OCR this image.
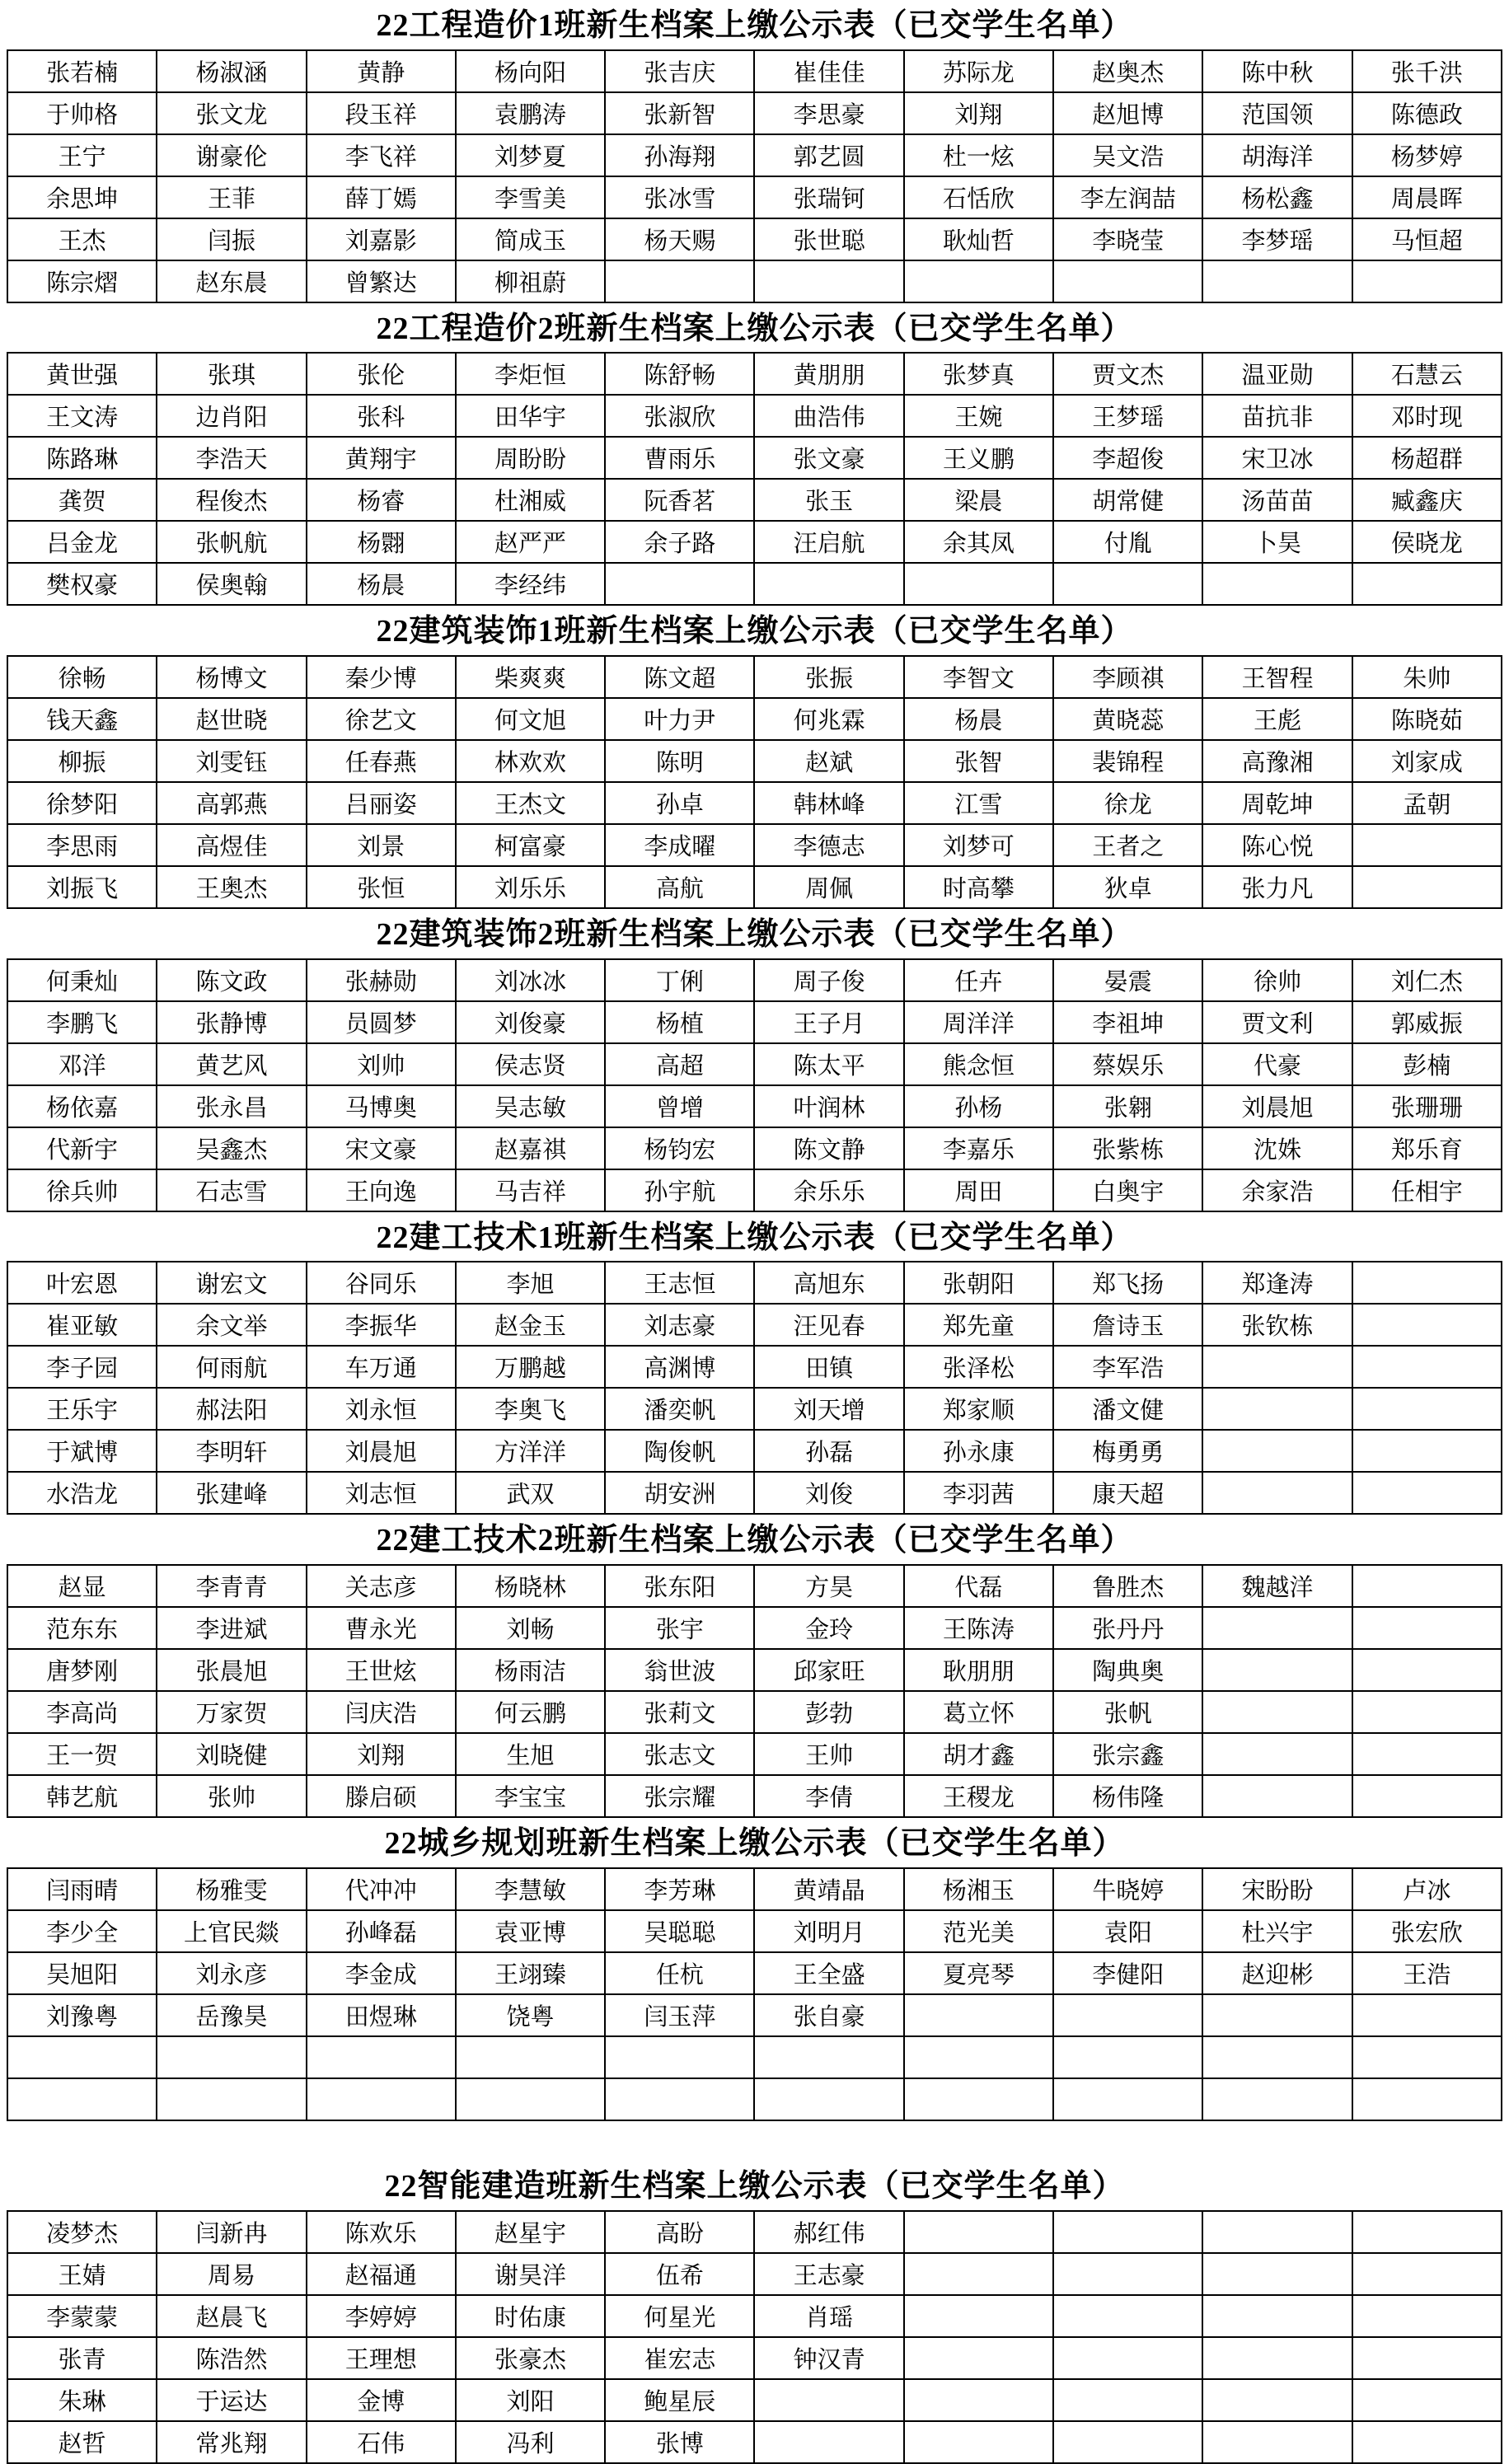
22工程造价1班新生档案上缴公示表（已交学生名单）
张若楠	杨淑涵	黄静	杨向阳	张吉庆	崔佳佳	苏际龙	赵奥杰	陈中秋	张千洪
于帅格	张文龙	段玉祥	袁鹏涛	张新智	李思豪	刘翔	赵旭博	范国领	陈德政
王宁	谢豪伦	李飞祥	刘梦夏	孙海翔	郭艺圆	杜一炫	吴文浩	胡海洋	杨梦婷
余思坤	王菲	薛丁嫣	李雪美	张冰雪	张瑞钶	石恬欣	李左润喆	杨松鑫	周晨晖
王杰	闫振	刘嘉影	简成玉	杨天赐	张世聪	耿灿哲	李晓莹	李梦瑶	马恒超
陈宗熠	赵东晨	曾繁达	柳祖蔚						
22工程造价2班新生档案上缴公示表（已交学生名单）
黄世强	张琪	张伦	李炬恒	陈舒畅	黄朋朋	张梦真	贾文杰	温亚勋	石慧云
王文涛	边肖阳	张科	田华宇	张淑欣	曲浩伟	王婉	王梦瑶	苗抗非	邓时现
陈路琳	李浩天	黄翔宇	周盼盼	曹雨乐	张文豪	王义鹏	李超俊	宋卫冰	杨超群
龚贺	程俊杰	杨睿	杜湘威	阮香茗	张玉	梁晨	胡常健	汤苗苗	臧鑫庆
吕金龙	张帆航	杨翾	赵严严	余子路	汪启航	余其凤	付胤	卜昊	侯晓龙
樊权豪	侯奥翰	杨晨	李经纬						
22建筑装饰1班新生档案上缴公示表（已交学生名单）
徐畅	杨博文	秦少博	柴爽爽	陈文超	张振	李智文	李顾祺	王智程	朱帅
钱天鑫	赵世晓	徐艺文	何文旭	叶力尹	何兆霖	杨晨	黄晓蕊	王彪	陈晓茹
柳振	刘雯钰	任春燕	林欢欢	陈明	赵斌	张智	裴锦程	高豫湘	刘家成
徐梦阳	高郭燕	吕丽姿	王杰文	孙卓	韩林峰	江雪	徐龙	周乾坤	孟朝
李思雨	高煜佳	刘景	柯富豪	李成曜	李德志	刘梦可	王者之	陈心悦	
刘振飞	王奥杰	张恒	刘乐乐	高航	周佩	时高攀	狄卓	张力凡	
22建筑装饰2班新生档案上缴公示表（已交学生名单）
何秉灿	陈文政	张赫勋	刘冰冰	丁俐	周子俊	任卉	晏震	徐帅	刘仁杰
李鹏飞	张静博	员圆梦	刘俊豪	杨植	王子月	周洋洋	李祖坤	贾文利	郭威振
邓洋	黄艺风	刘帅	侯志贤	高超	陈太平	熊念恒	蔡娱乐	代豪	彭楠
杨依嘉	张永昌	马博奥	吴志敏	曾增	叶润林	孙杨	张翱	刘晨旭	张珊珊
代新宇	吴鑫杰	宋文豪	赵嘉祺	杨钧宏	陈文静	李嘉乐	张紫栋	沈姝	郑乐育
徐兵帅	石志雪	王向逸	马吉祥	孙宇航	余乐乐	周田	白奥宇	余家浩	任相宇
22建工技术1班新生档案上缴公示表（已交学生名单）
叶宏恩	谢宏文	谷同乐	李旭	王志恒	高旭东	张朝阳	郑飞扬	郑逢涛	
崔亚敏	余文举	李振华	赵金玉	刘志豪	汪见春	郑先童	詹诗玉	张钦栋	
李子园	何雨航	车万通	万鹏越	高渊博	田镇	张泽松	李军浩		
王乐宇	郝法阳	刘永恒	李奥飞	潘奕帆	刘天增	郑家顺	潘文健		
于斌博	李明轩	刘晨旭	方洋洋	陶俊帆	孙磊	孙永康	梅勇勇		
水浩龙	张建峰	刘志恒	武双	胡安洲	刘俊	李羽茜	康天超		
22建工技术2班新生档案上缴公示表（已交学生名单）
赵显	李青青	关志彦	杨晓林	张东阳	方昊	代磊	鲁胜杰	魏越洋	
范东东	李进斌	曹永光	刘畅	张宇	金玲	王陈涛	张丹丹		
唐梦刚	张晨旭	王世炫	杨雨洁	翁世波	邱家旺	耿朋朋	陶典奥		
李高尚	万家贺	闫庆浩	何云鹏	张莉文	彭勃	葛立怀	张帆		
王一贺	刘晓健	刘翔	生旭	张志文	王帅	胡才鑫	张宗鑫		
韩艺航	张帅	滕启硕	李宝宝	张宗耀	李倩	王稷龙	杨伟隆		
22城乡规划班新生档案上缴公示表（已交学生名单）
闫雨晴	杨雅雯	代冲冲	李慧敏	李芳琳	黄靖晶	杨湘玉	牛晓婷	宋盼盼	卢冰
李少全	上官民燚	孙峰磊	袁亚博	吴聪聪	刘明月	范光美	袁阳	杜兴宇	张宏欣
吴旭阳	刘永彦	李金成	王翊臻	任杭	王全盛	夏亮琴	李健阳	赵迎彬	王浩
刘豫粤	岳豫昊	田煜琳	饶粤	闫玉萍	张自豪				

22智能建造班新生档案上缴公示表（已交学生名单）
凌梦杰	闫新冉	陈欢乐	赵星宇	高盼	郝红伟				
王婧	周易	赵福通	谢昊洋	伍希	王志豪				
李蒙蒙	赵晨飞	李婷婷	时佑康	何星光	肖瑶				
张青	陈浩然	王理想	张豪杰	崔宏志	钟汉青				
朱琳	于运达	金博	刘阳	鲍星辰					
赵哲	常兆翔	石伟	冯利	张博					
